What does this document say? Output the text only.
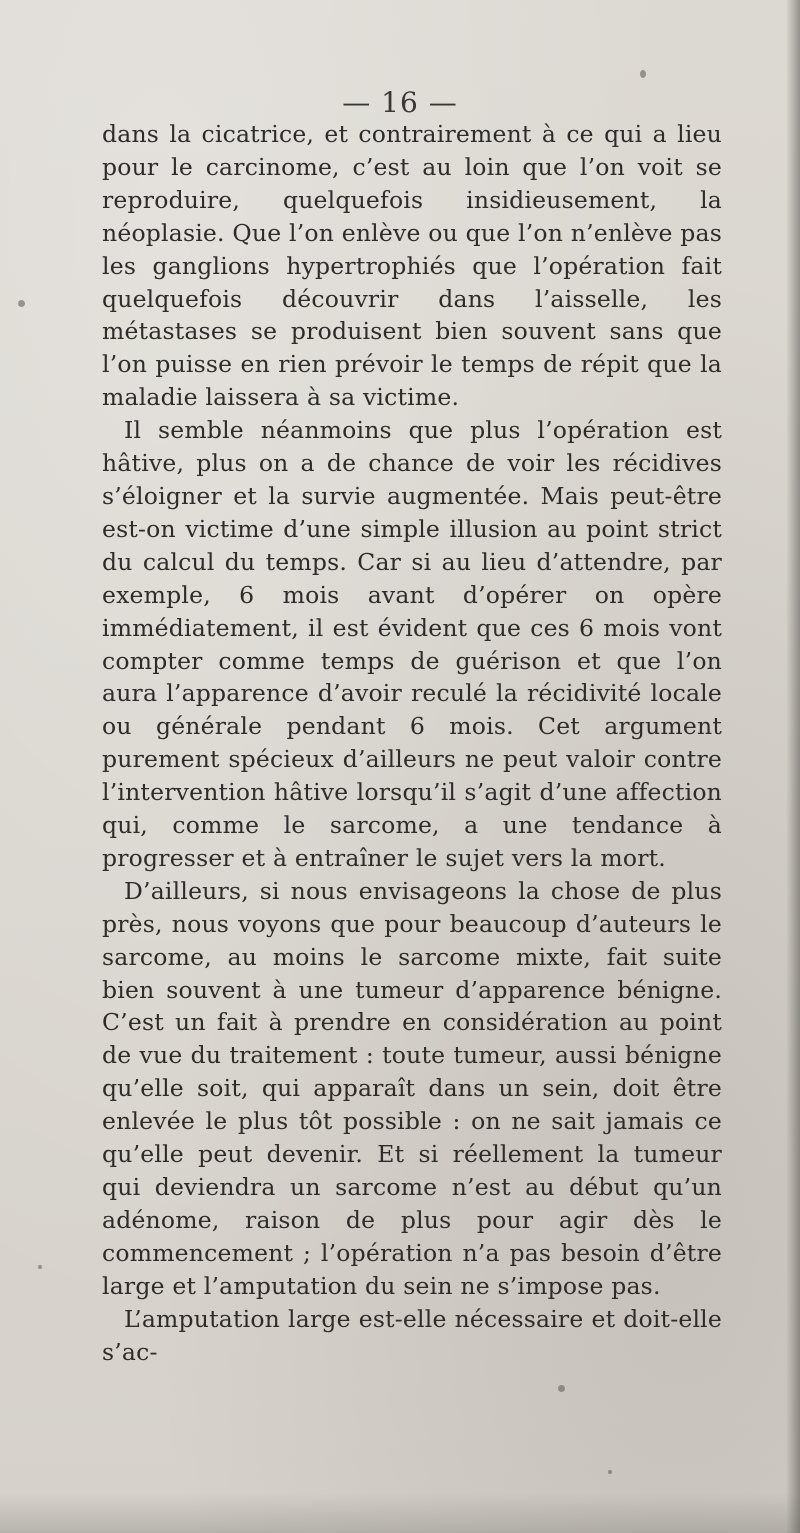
— 16 —

dans la cicatrice, et contrairement à ce qui a lieu pour le carcinome, c’est au loin que l’on voit se reproduire, quelquefois insidieusement, la néoplasie. Que l’on enlève ou que l’on n’enlève pas les ganglions hypertrophiés que l’opération fait quelquefois découvrir dans l’aisselle, les métastases se produisent bien souvent sans que l’on puisse en rien prévoir le temps de répit que la maladie laissera à sa victime.

Il semble néanmoins que plus l’opération est hâtive, plus on a de chance de voir les récidives s’éloigner et la survie augmentée. Mais peut-être est-on victime d’une simple illusion au point strict du calcul du temps. Car si au lieu d’attendre, par exemple, 6 mois avant d’opérer on opère immédiatement, il est évident que ces 6 mois vont compter comme temps de guérison et que l’on aura l’apparence d’avoir reculé la récidivité locale ou générale pendant 6 mois. Cet argument purement spécieux d’ailleurs ne peut valoir contre l’intervention hâtive lorsqu’il s’agit d’une affection qui, comme le sarcome, a une tendance à progresser et à entraîner le sujet vers la mort.

D’ailleurs, si nous envisageons la chose de plus près, nous voyons que pour beaucoup d’auteurs le sarcome, au moins le sarcome mixte, fait suite bien souvent à une tumeur d’apparence bénigne. C’est un fait à prendre en considération au point de vue du traitement : toute tumeur, aussi bénigne qu’elle soit, qui apparaît dans un sein, doit être enlevée le plus tôt possible : on ne sait jamais ce qu’elle peut devenir. Et si réellement la tumeur qui deviendra un sarcome n’est au début qu’un adénome, raison de plus pour agir dès le commencement ; l’opération n’a pas besoin d’être large et l’amputation du sein ne s’impose pas.

L’amputation large est-elle nécessaire et doit-elle s’ac-
